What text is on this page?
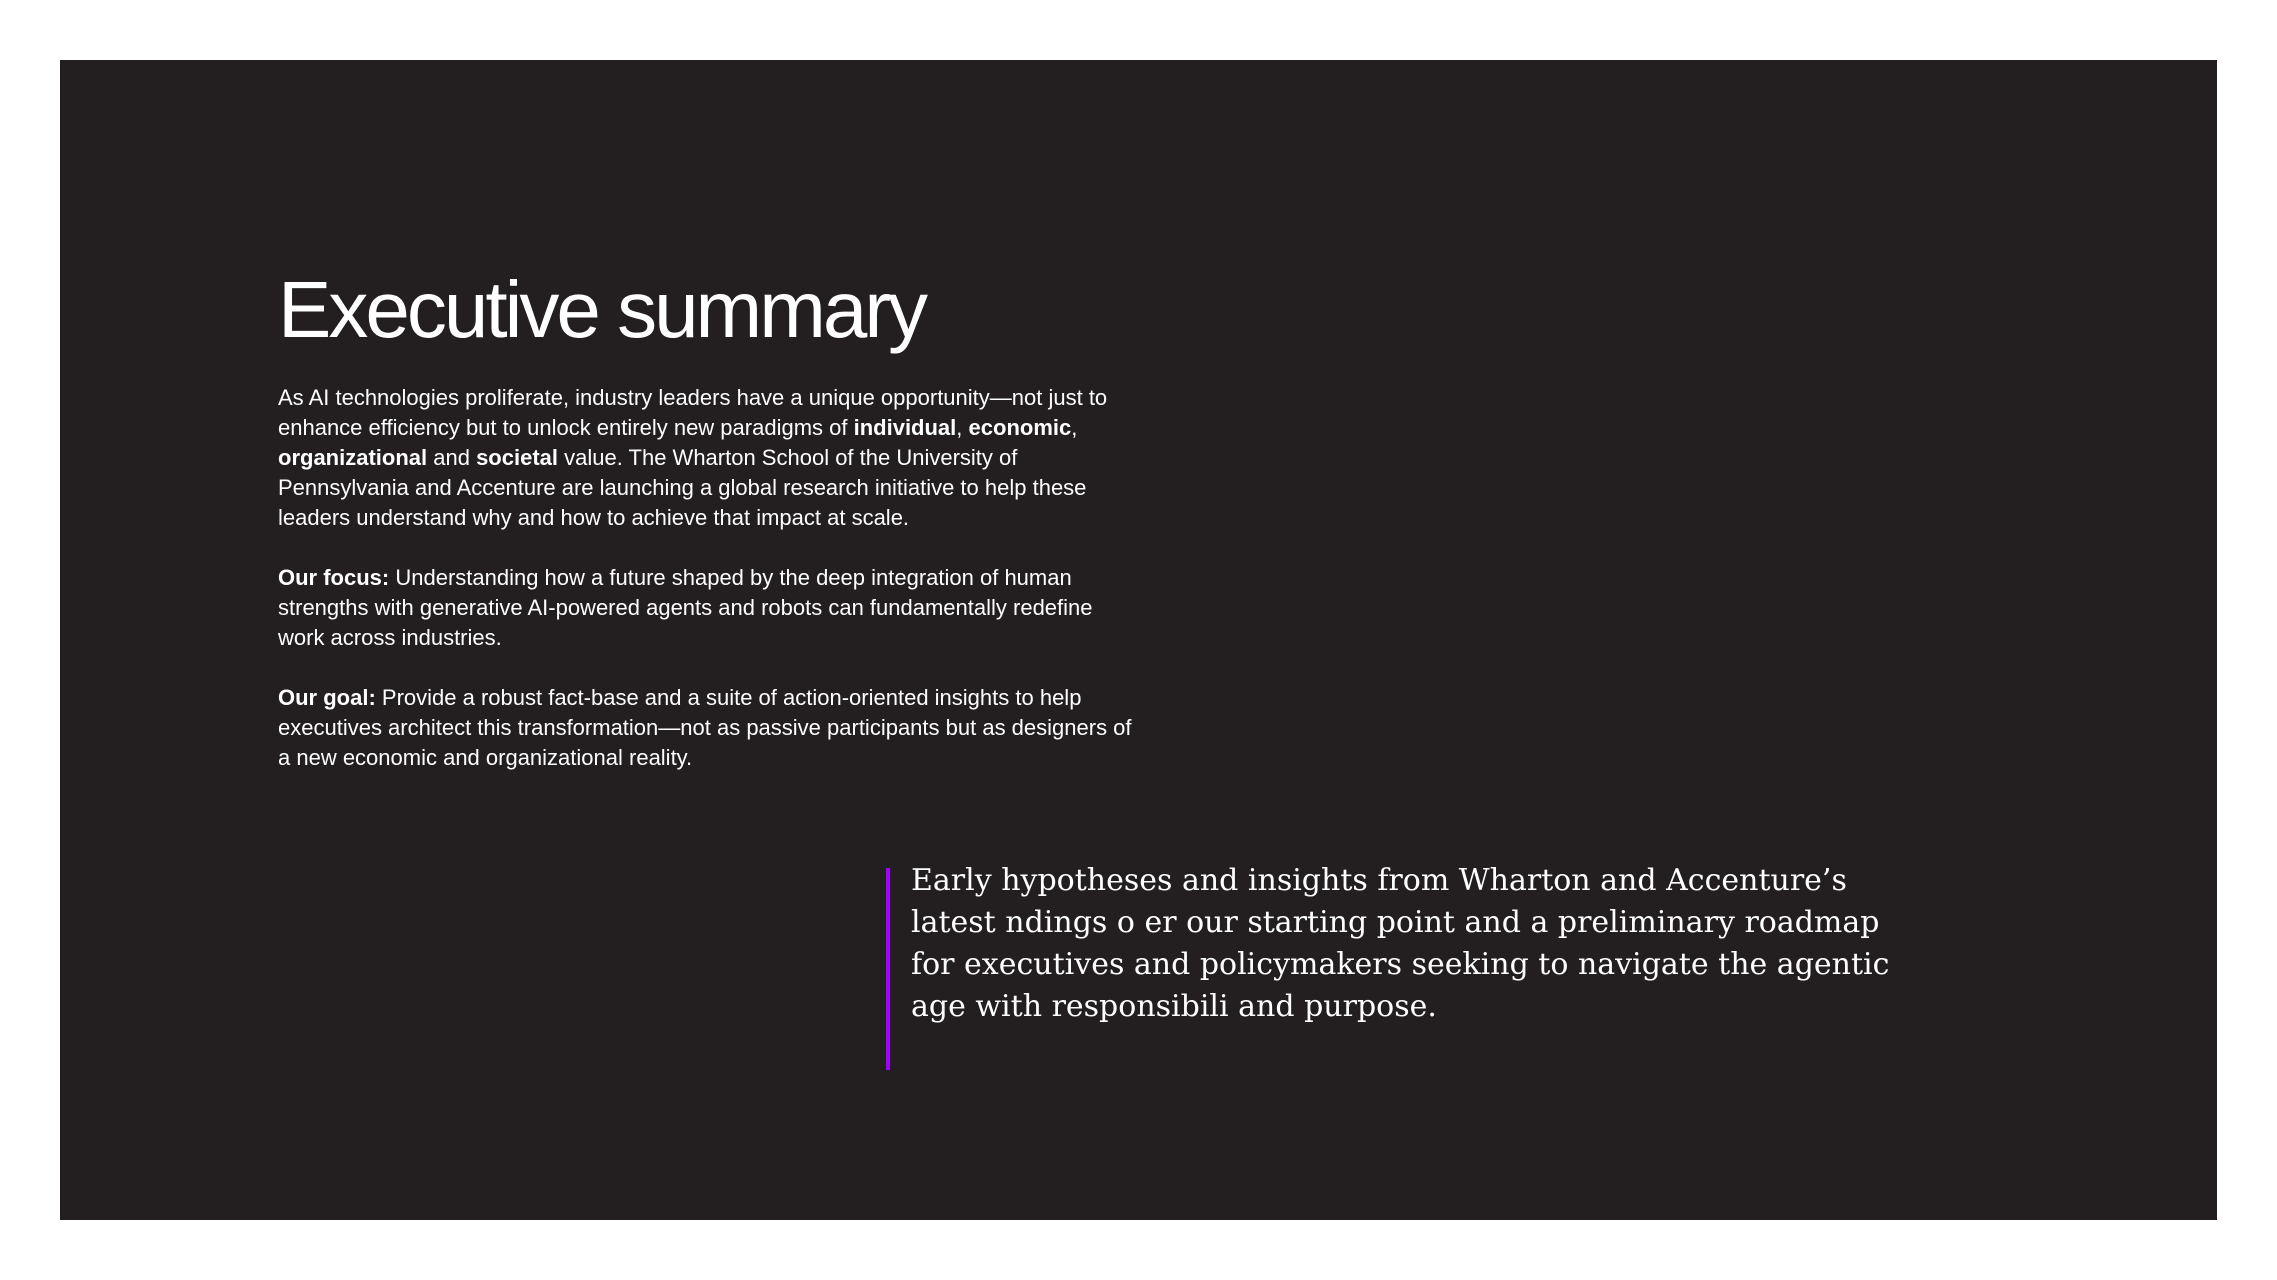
Executive summary

As AI technologies proliferate, industry leaders have a unique opportunity—not just to enhance efficiency but to unlock entirely new paradigms of individual, economic, organizational and societal value. The Wharton School of the University of Pennsylvania and Accenture are launching a global research initiative to help these leaders understand why and how to achieve that impact at scale.

Our focus: Understanding how a future shaped by the deep integration of human strengths with generative AI-powered agents and robots can fundamentally redefine work across industries.

Our goal: Provide a robust fact-base and a suite of action-oriented insights to help executives architect this transformation—not as passive participants but as designers of a new economic and organizational reality.

Early hypotheses and insights from Wharton and Accenture’s latest ndings o er our starting point and a preliminary roadmap for executives and policymakers seeking to navigate the agentic age with responsibili and purpose.
